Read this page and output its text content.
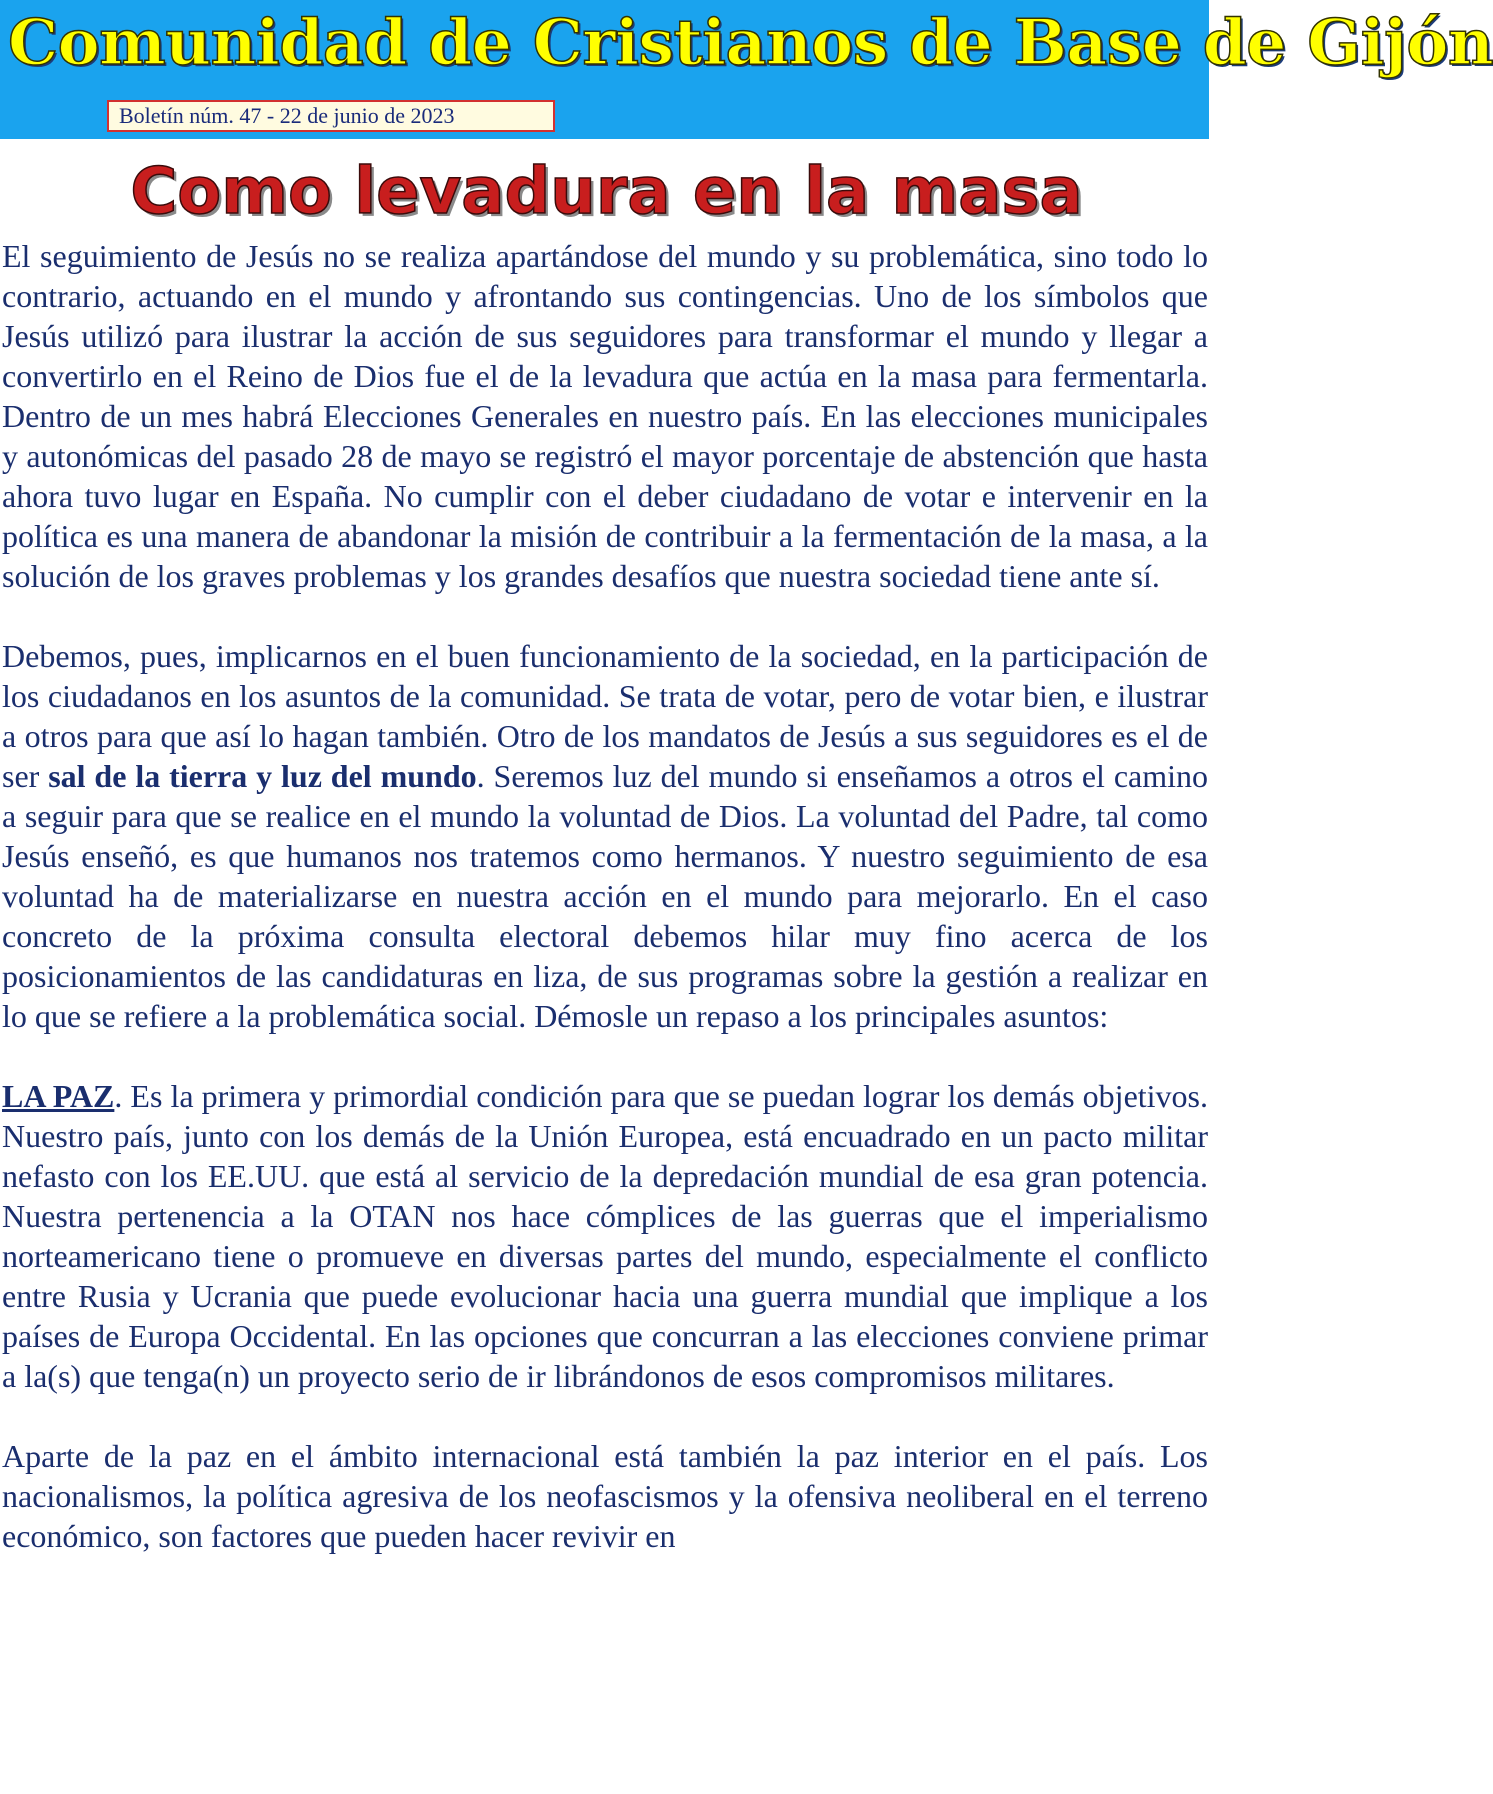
Comunidad de Cristianos de Base de Gijón
Boletín núm. 47 - 22 de junio de 2023
Como levadura en la masa

El seguimiento de Jesús no se realiza apartándose del mundo y su problemática, sino todo lo contrario, actuando en el mundo y afrontando sus contingencias. Uno de los símbolos que Jesús utilizó para ilustrar la acción de sus seguidores para transformar el mundo y llegar a convertirlo en el Reino de Dios fue el de la levadura que actúa en la masa para fermentarla. Dentro de un mes habrá Elecciones Generales en nuestro país. En las elecciones municipales y autonómicas del pasado 28 de mayo se registró el mayor porcentaje de abstención que hasta ahora tuvo lugar en España. No cumplir con el deber ciudadano de votar e intervenir en la política es una manera de abandonar la misión de contribuir a la fermentación de la masa, a la solución de los graves problemas y los grandes desafíos que nuestra sociedad tiene ante sí.

Debemos, pues, implicarnos en el buen funcionamiento de la sociedad, en la participación de los ciudadanos en los asuntos de la comunidad. Se trata de votar, pero de votar bien, e ilustrar a otros para que así lo hagan también. Otro de los mandatos de Jesús a sus seguidores es el de ser sal de la tierra y luz del mundo. Seremos luz del mundo si enseñamos a otros el camino a seguir para que se realice en el mundo la voluntad de Dios. La voluntad del Padre, tal como Jesús enseñó, es que humanos nos tratemos como hermanos. Y nuestro seguimiento de esa voluntad ha de materializarse en nuestra acción en el mundo para mejorarlo. En el caso concreto de la próxima consulta electoral debemos hilar muy fino acerca de los posicionamientos de las candidaturas en liza, de sus programas sobre la gestión a realizar en lo que se refiere a la problemática social. Démosle un repaso a los principales asuntos:

LA PAZ. Es la primera y primordial condición para que se puedan lograr los demás objetivos. Nuestro país, junto con los demás de la Unión Europea, está encuadrado en un pacto militar nefasto con los EE.UU. que está al servicio de la depredación mundial de esa gran potencia. Nuestra pertenencia a la OTAN nos hace cómplices de las guerras que el imperialismo norteamericano tiene o promueve en diversas partes del mundo, especialmente el conflicto entre Rusia y Ucrania que puede evolucionar hacia una guerra mundial que implique a los países de Europa Occidental. En las opciones que concurran a las elecciones conviene primar a la(s) que tenga(n) un proyecto serio de ir librándonos de esos compromisos militares.

Aparte de la paz en el ámbito internacional está también la paz interior en el país. Los nacionalismos, la política agresiva de los neofascismos y la ofensiva neoliberal en el terreno económico, son factores que pueden hacer revivir en
